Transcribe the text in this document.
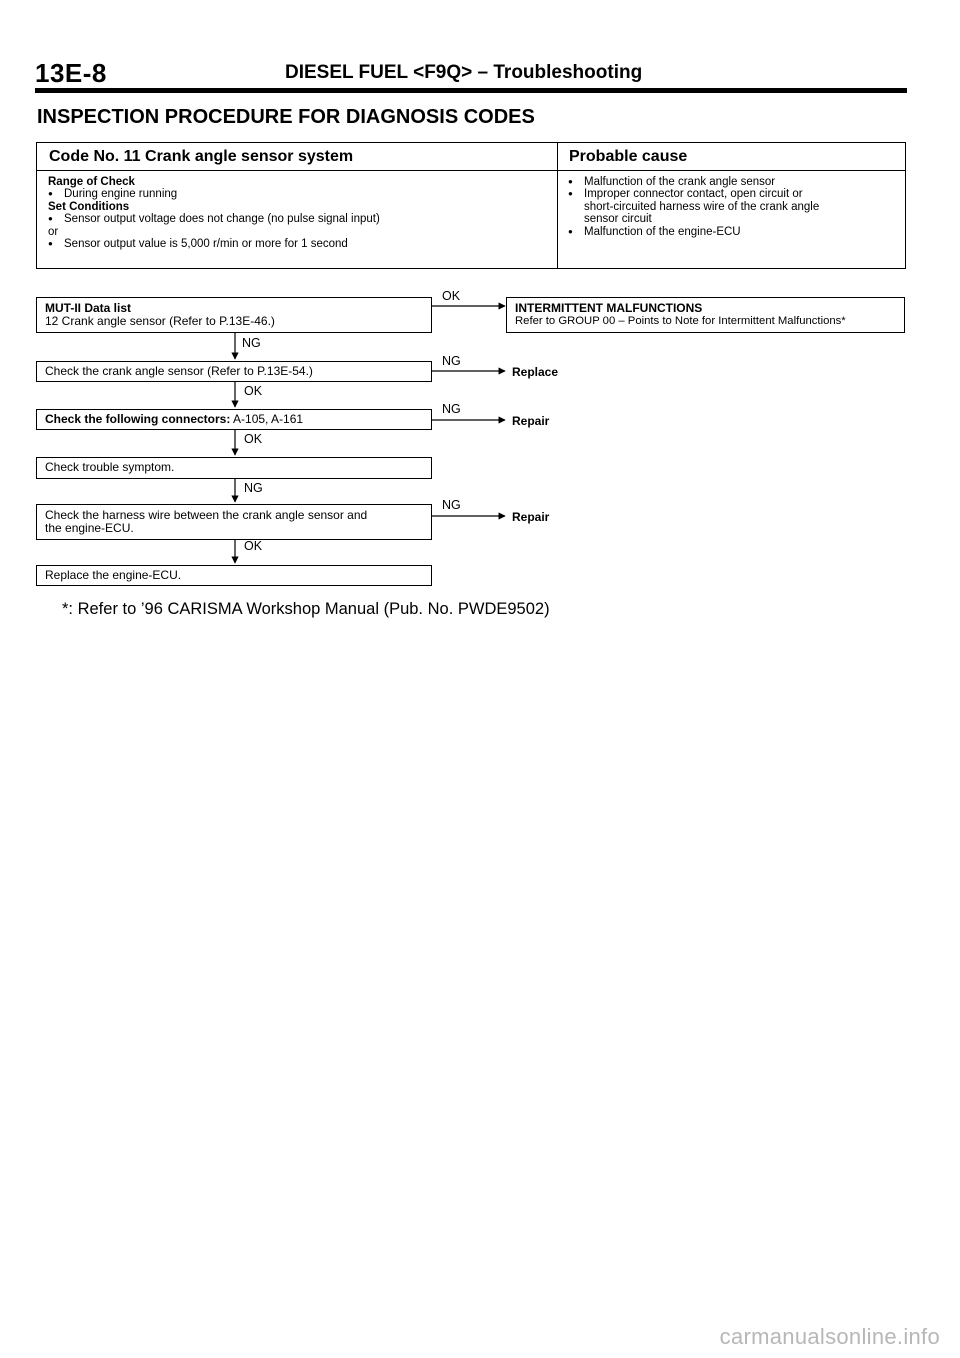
13E-8	DIESEL FUEL <F9Q> – Troubleshooting
INSPECTION PROCEDURE FOR DIAGNOSIS CODES
Code No. 11 Crank angle sensor system	Probable cause
Range of Check
● During engine running
Set Conditions
● Sensor output voltage does not change (no pulse signal input)
or
● Sensor output value is 5,000 r/min or more for 1 second
● Malfunction of the crank angle sensor
● Improper connector contact, open circuit or
short-circuited harness wire of the crank angle
sensor circuit
● Malfunction of the engine-ECU
MUT-II Data list
12 Crank angle sensor (Refer to P.13E-46.)
INTERMITTENT MALFUNCTIONS
Refer to GROUP 00 – Points to Note for Intermittent Malfunctions*
Check the crank angle sensor (Refer to P.13E-54.)
Check the following connectors: A-105, A-161
Check trouble symptom.
Check the harness wire between the crank angle sensor and
the engine-ECU.
Replace the engine-ECU.
OK
NG
NG
OK
NG
OK
NG
NG
OK
Replace
Repair
Repair
*: Refer to ’96 CARISMA Workshop Manual (Pub. No. PWDE9502)
carmanualsonline.info
